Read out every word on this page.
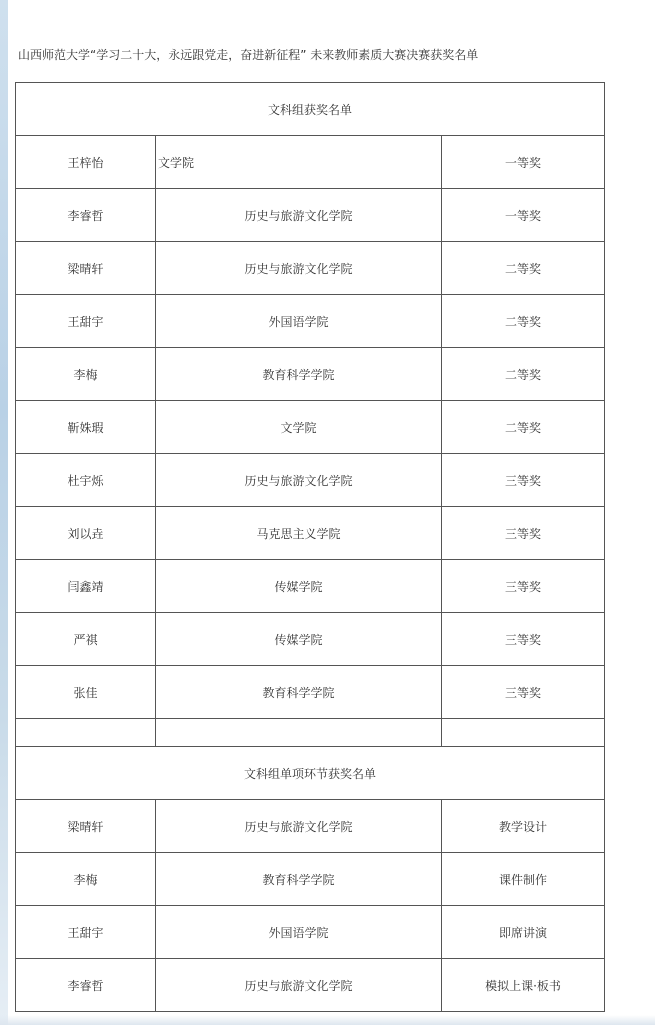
山西师范大学“学习二十大，永远跟党走，奋进新征程” 未来教师素质大赛决赛获奖名单
文科组获奖名单		
王梓怡	文学院	一等奖
李睿哲	历史与旅游文化学院	一等奖
梁晴轩	历史与旅游文化学院	二等奖
王甜宇	外国语学院	二等奖
李梅	教育科学学院	二等奖
靳姝瑕	文学院	二等奖
杜宇烁	历史与旅游文化学院	三等奖
刘以垚	马克思主义学院	三等奖
闫鑫靖	传媒学院	三等奖
严祺	传媒学院	三等奖
张佳	教育科学学院	三等奖

文科组单项环节获奖名单		
梁晴轩	历史与旅游文化学院	教学设计
李梅	教育科学学院	课件制作
王甜宇	外国语学院	即席讲演
李睿哲	历史与旅游文化学院	模拟上课·板书
